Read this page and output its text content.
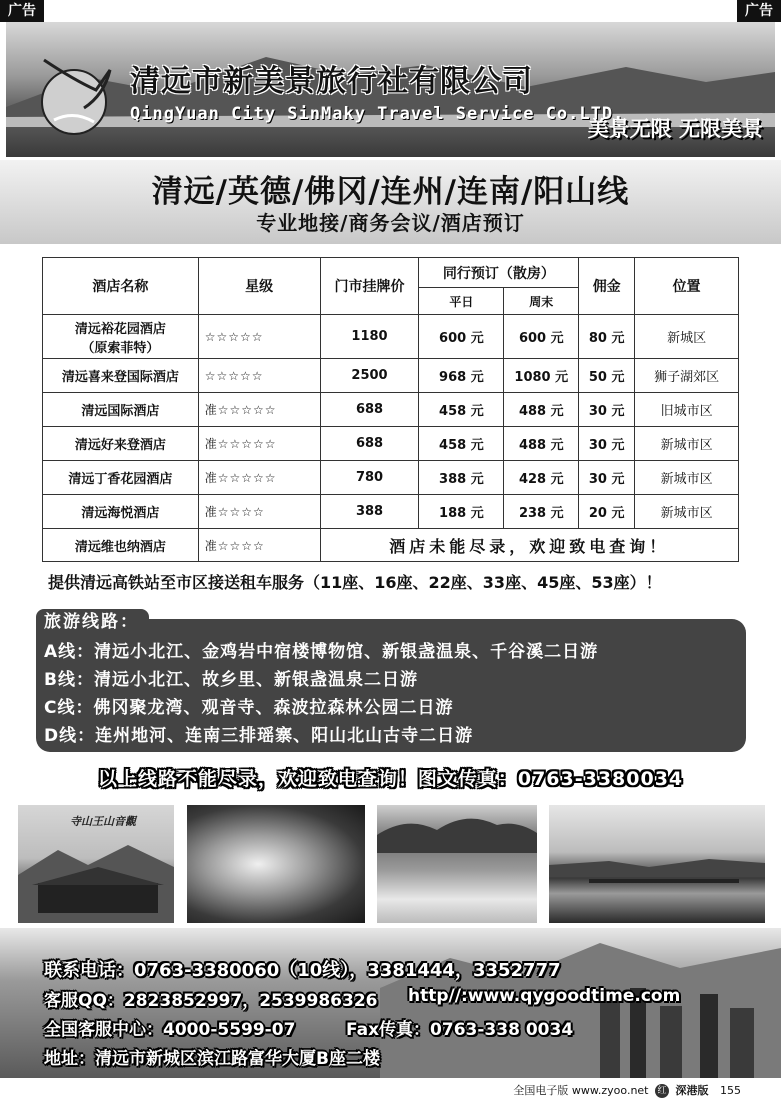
广告	广告
清远市新美景旅行社有限公司
QingYuan City SinMaky Travel Service Co.LTD.
美景无限 无限美景
清远/英德/佛冈/连州/连南/阳山线
专业地接/商务会议/酒店预订
酒店名称	星级	门市挂牌价	同行预订（散房）		佣金	位置
			平日	周末		
清远裕花园酒店
（原索菲特）	☆☆☆☆☆	1180	600 元	600 元	80 元	新城区
清远喜来登国际酒店	☆☆☆☆☆	2500	968 元	1080 元	50 元	狮子湖郊区
清远国际酒店	准☆☆☆☆☆	688	458 元	488 元	30 元	旧城市区
清远好来登酒店	准☆☆☆☆☆	688	458 元	488 元	30 元	新城市区
清远丁香花园酒店	准☆☆☆☆☆	780	388 元	428 元	30 元	新城市区
清远海悦酒店	准☆☆☆☆	388	188 元	238 元	20 元	新城市区
清远维也纳酒店	准☆☆☆☆	酒店未能尽录，欢迎致电查询！				
提供清远高铁站至市区接送租车服务（11座、16座、22座、33座、45座、53座）！
A线：清远小北江、金鸡岩中宿楼博物馆、新银盏温泉、千谷溪二日游
B线：清远小北江、故乡里、新银盏温泉二日游
C线：佛冈聚龙湾、观音寺、森波拉森林公园二日游
D线：连州地河、连南三排瑶寨、阳山北山古寺二日游
旅游线路：
以上线路不能尽录，欢迎致电查询！图文传真：0763-3380034
寺山王山音觀
联系电话：0763-3380060（10线），3381444，3352777
客服QQ：2823852997，2539986326 http//:www.qygoodtime.com
全国客服中心：4000-5599-07	Fax传真：0763-338 0034
地址：清远市新城区滨江路富华大厦B座二楼
全国电子版 www.zyoo.net 红 深港版 155
